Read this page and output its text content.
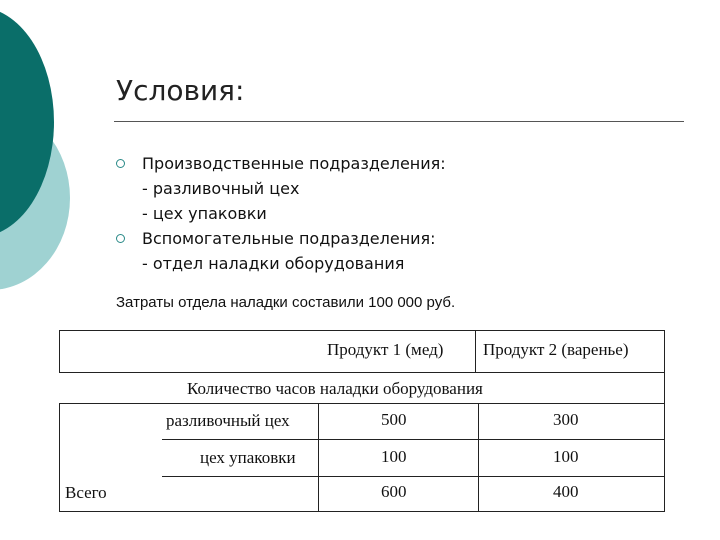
Условия:
Производственные подразделения:
- разливочный цех
- цех упаковки
Вспомогательные подразделения:
- отдел наладки оборудования
Затраты отдела наладки составили 100 000 руб.
Продукт 1 (мед) Продукт 2 (варенье)
Количество часов наладки оборудования
разливочный цех	500	300
цех упаковки	100	100
Всего	600	400
